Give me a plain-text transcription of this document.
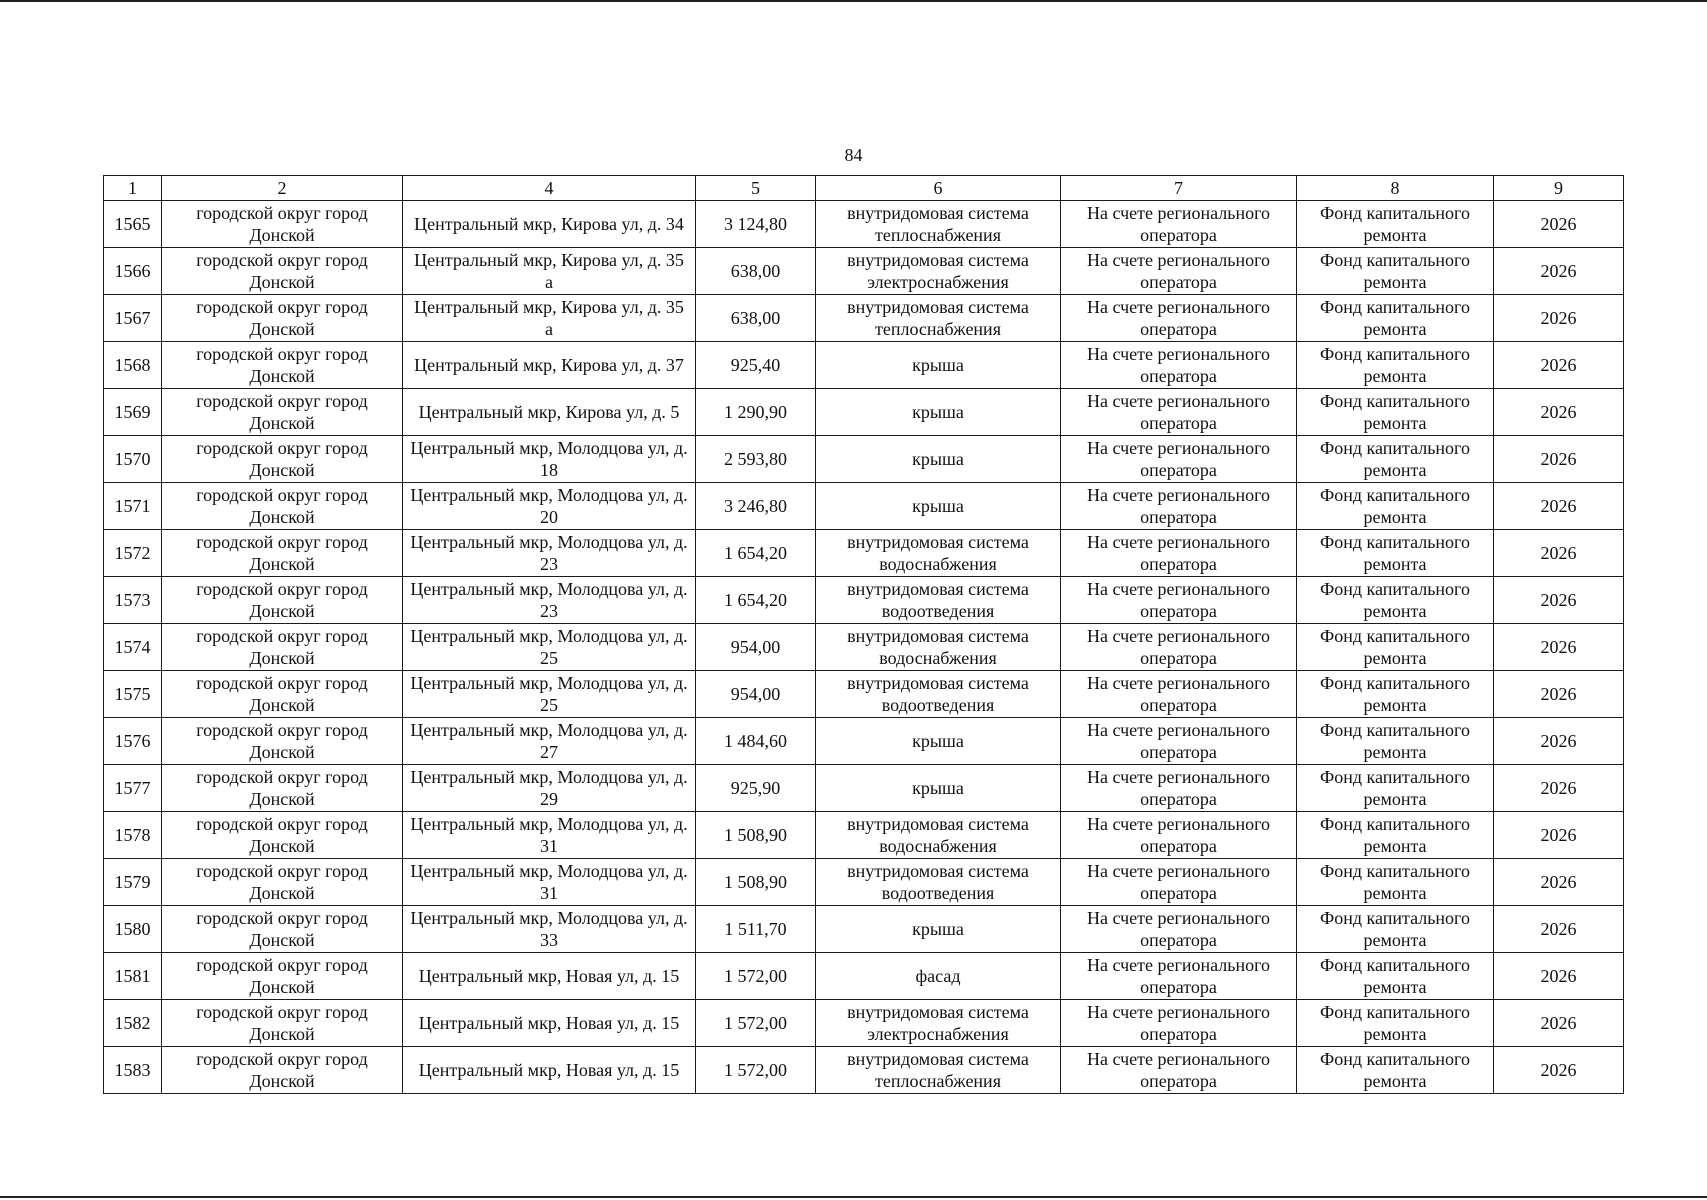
84
1	2	4	5	6	7	8	9
1565	городской округ город Донской	Центральный мкр, Кирова ул, д. 34	3 124,80	внутридомовая система теплоснабжения	На счете регионального оператора	Фонд капитального ремонта	2026
1566	городской округ город Донской	Центральный мкр, Кирова ул, д. 35 а	638,00	внутридомовая система электроснабжения	На счете регионального оператора	Фонд капитального ремонта	2026
1567	городской округ город Донской	Центральный мкр, Кирова ул, д. 35 а	638,00	внутридомовая система теплоснабжения	На счете регионального оператора	Фонд капитального ремонта	2026
1568	городской округ город Донской	Центральный мкр, Кирова ул, д. 37	925,40	крыша	На счете регионального оператора	Фонд капитального ремонта	2026
1569	городской округ город Донской	Центральный мкр, Кирова ул, д. 5	1 290,90	крыша	На счете регионального оператора	Фонд капитального ремонта	2026
1570	городской округ город Донской	Центральный мкр, Молодцова ул, д. 18	2 593,80	крыша	На счете регионального оператора	Фонд капитального ремонта	2026
1571	городской округ город Донской	Центральный мкр, Молодцова ул, д. 20	3 246,80	крыша	На счете регионального оператора	Фонд капитального ремонта	2026
1572	городской округ город Донской	Центральный мкр, Молодцова ул, д. 23	1 654,20	внутридомовая система водоснабжения	На счете регионального оператора	Фонд капитального ремонта	2026
1573	городской округ город Донской	Центральный мкр, Молодцова ул, д. 23	1 654,20	внутридомовая система водоотведения	На счете регионального оператора	Фонд капитального ремонта	2026
1574	городской округ город Донской	Центральный мкр, Молодцова ул, д. 25	954,00	внутридомовая система водоснабжения	На счете регионального оператора	Фонд капитального ремонта	2026
1575	городской округ город Донской	Центральный мкр, Молодцова ул, д. 25	954,00	внутридомовая система водоотведения	На счете регионального оператора	Фонд капитального ремонта	2026
1576	городской округ город Донской	Центральный мкр, Молодцова ул, д. 27	1 484,60	крыша	На счете регионального оператора	Фонд капитального ремонта	2026
1577	городской округ город Донской	Центральный мкр, Молодцова ул, д. 29	925,90	крыша	На счете регионального оператора	Фонд капитального ремонта	2026
1578	городской округ город Донской	Центральный мкр, Молодцова ул, д. 31	1 508,90	внутридомовая система водоснабжения	На счете регионального оператора	Фонд капитального ремонта	2026
1579	городской округ город Донской	Центральный мкр, Молодцова ул, д. 31	1 508,90	внутридомовая система водоотведения	На счете регионального оператора	Фонд капитального ремонта	2026
1580	городской округ город Донской	Центральный мкр, Молодцова ул, д. 33	1 511,70	крыша	На счете регионального оператора	Фонд капитального ремонта	2026
1581	городской округ город Донской	Центральный мкр, Новая ул, д. 15	1 572,00	фасад	На счете регионального оператора	Фонд капитального ремонта	2026
1582	городской округ город Донской	Центральный мкр, Новая ул, д. 15	1 572,00	внутридомовая система электроснабжения	На счете регионального оператора	Фонд капитального ремонта	2026
1583	городской округ город Донской	Центральный мкр, Новая ул, д. 15	1 572,00	внутридомовая система теплоснабжения	На счете регионального оператора	Фонд капитального ремонта	2026
